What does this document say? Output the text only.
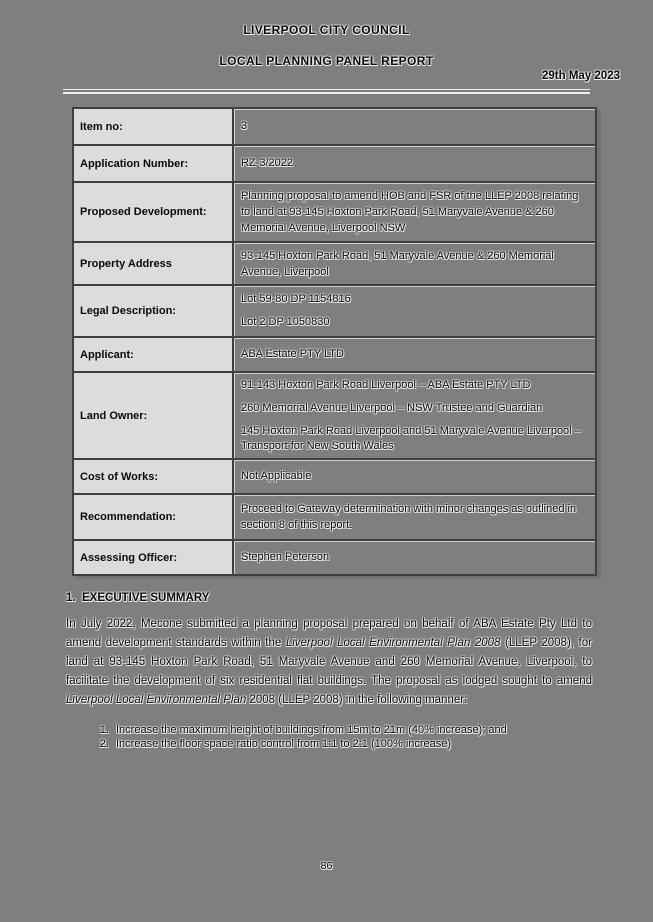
LIVERPOOL CITY COUNCIL
LOCAL PLANNING PANEL REPORT
29th May 2023
Item no:	3

Application Number:	RZ-3/2022

Proposed Development:	Planning proposal to amend HOB and FSR of the LLEP 2008 relating to land at 93-145 Hoxton Park Road, 51 Maryvale Avenue & 260 Memorial Avenue, Liverpool NSW

Property Address	93-145 Hoxton Park Road, 51 Maryvale Avenue & 260 Memorial Avenue, Liverpool

Legal Description:	Lot 59-80 DP 1154816

Lot 2 DP 1050830

Applicant:	ABA Estate PTY LTD

Land Owner:	91-143 Hoxton Park Road Liverpool – ABA Estate PTY LTD

260 Memorial Avenue Liverpool – NSW Trustee and Guardian

145 Hoxton Park Road Liverpool and 51 Maryvale Avenue Liverpool – Transport for New South Wales

Cost of Works:	Not Applicable

Recommendation:	Proceed to Gateway determination with minor changes as outlined in section 8 of this report.

Assessing Officer:	Stephen Peterson

1. EXECUTIVE SUMMARY
In July 2022, Mecone submitted a planning proposal prepared on behalf of ABA Estate Pty Ltd to amend development standards within the Liverpool Local Environmental Plan 2008 (LLEP 2008), for land at 93-145 Hoxton Park Road, 51 Maryvale Avenue and 260 Memorial Avenue, Liverpool, to facilitate the development of six residential flat buildings. The proposal as lodged sought to amend Liverpool Local Environmental Plan 2008 (LLEP 2008) in the following manner:
1. Increase the maximum height of buildings from 15m to 21m (40% increase); and
2. Increase the floor space ratio control from 1:1 to 2:1 (100% increase)
86
